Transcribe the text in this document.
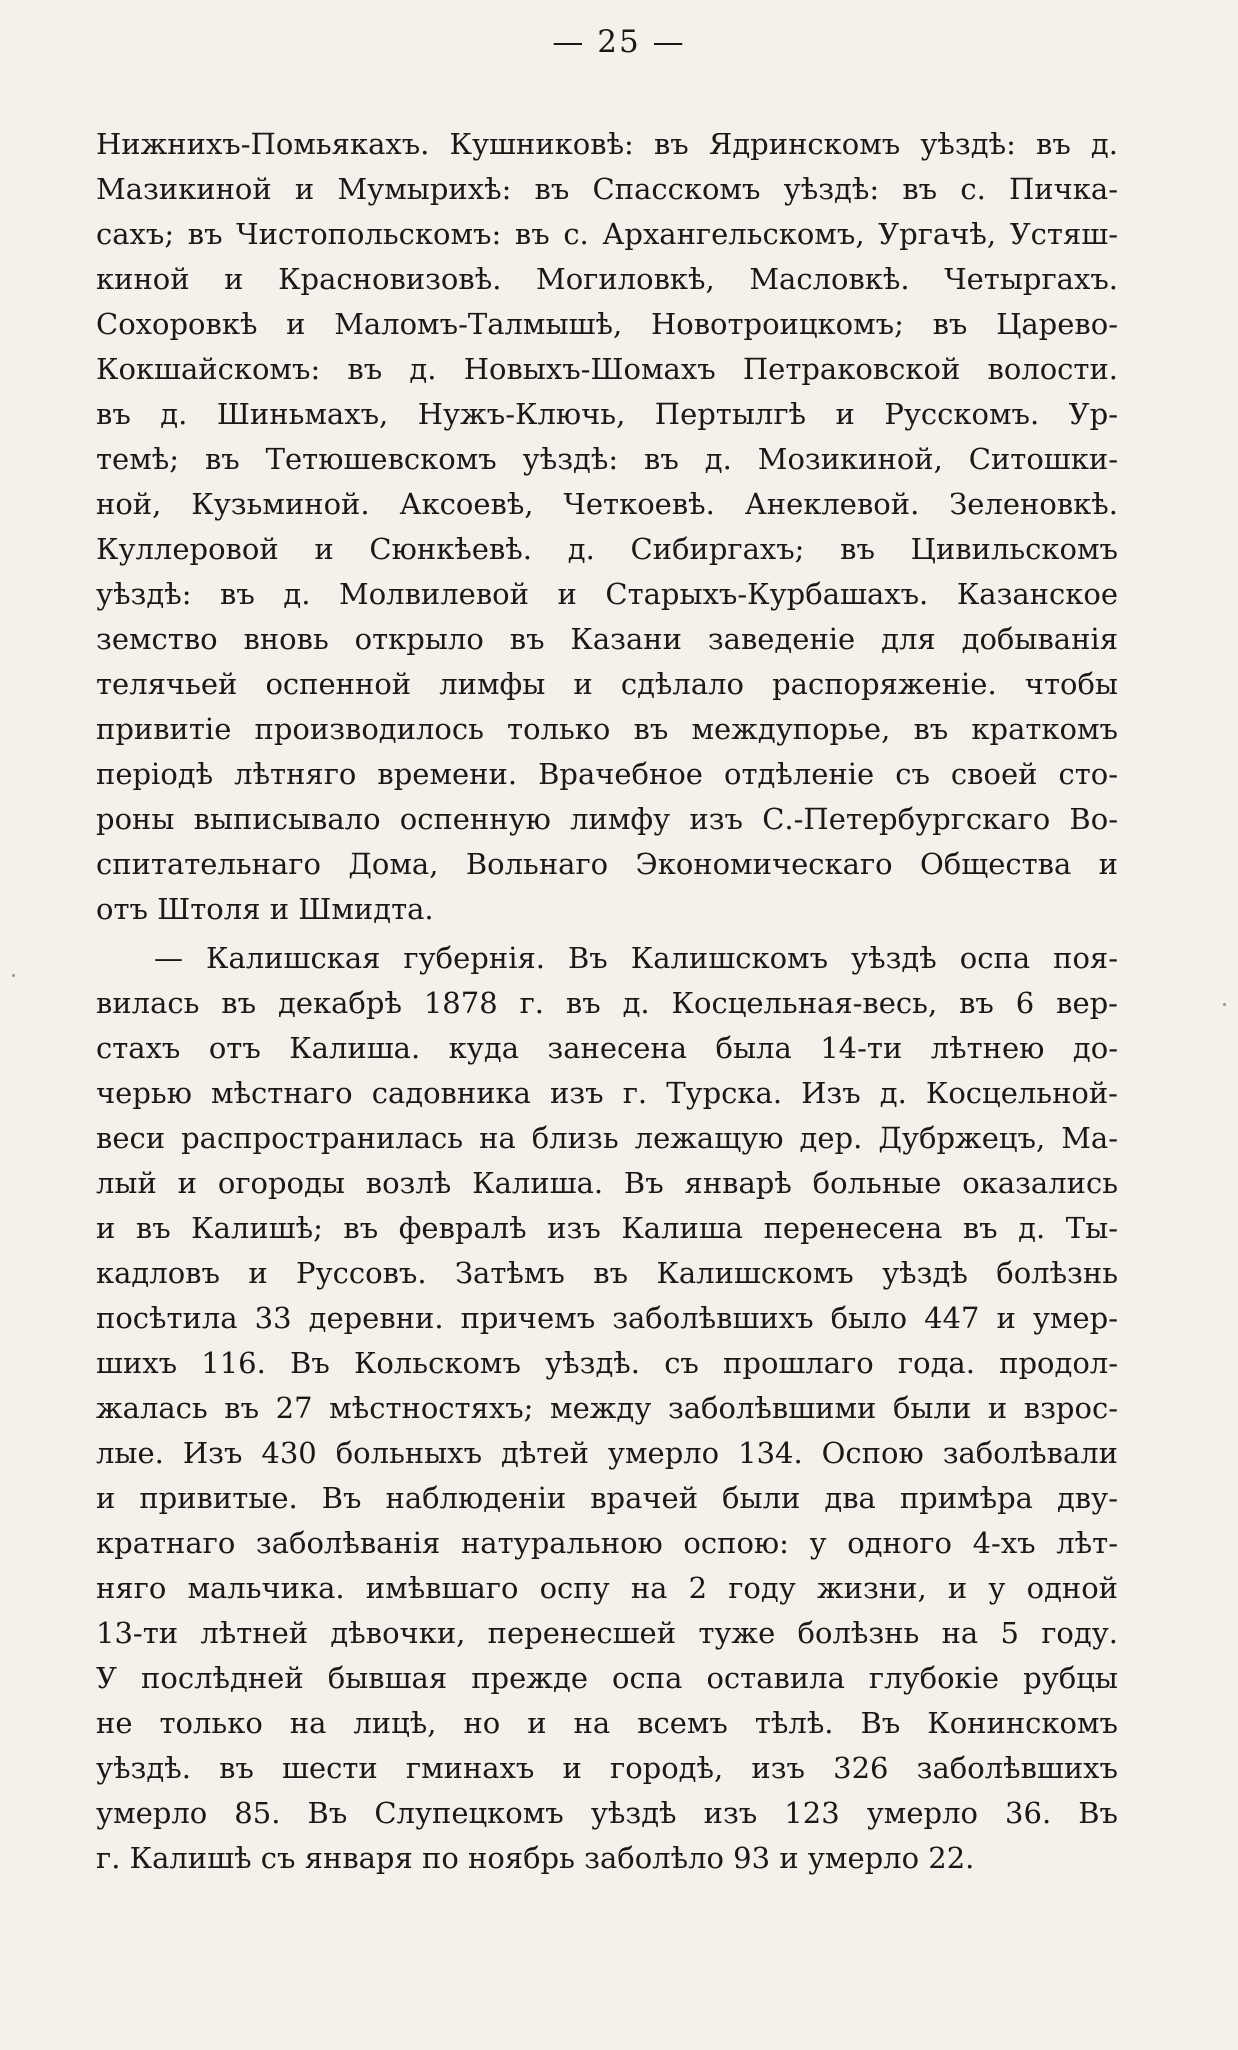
— 25 —
Нижнихъ-Помьякахъ. Кушниковѣ: въ Ядринскомъ уѣздѣ: въ д.
Мазикиной и Мумырихѣ: въ Спасскомъ уѣздѣ: въ с. Пичка-
сахъ; въ Чистопольскомъ: въ с. Архангельскомъ, Ургачѣ, Устяш-
киной и Красновизовѣ. Могиловкѣ, Масловкѣ. Четыргахъ.
Сохоровкѣ и Маломъ-Талмышѣ, Новотроицкомъ; въ Царево-
Кокшайскомъ: въ д. Новыхъ-Шомахъ Петраковской волости.
въ д. Шиньмахъ, Нужъ-Ключь, Пертылгѣ и Русскомъ. Ур-
темѣ; въ Тетюшевскомъ уѣздѣ: въ д. Мозикиной, Ситошки-
ной, Кузьминой. Аксоевѣ, Четкоевѣ. Анеклевой. Зеленовкѣ.
Куллеровой и Сюнкѣевѣ. д. Сибиргахъ; въ Цивильскомъ
уѣздѣ: въ д. Молвилевой и Старыхъ-Курбашахъ. Казанское
земство вновь открыло въ Казани заведеніе для добыванія
телячьей оспенной лимфы и сдѣлало распоряженіе. чтобы
привитіе производилось только въ междупорье, въ краткомъ
періодѣ лѣтняго времени. Врачебное отдѣленіе съ своей сто-
роны выписывало оспенную лимфу изъ С.-Петербургскаго Во-
спитательнаго Дома, Вольнаго Экономическаго Общества и
отъ Штоля и Шмидта.
— Калишская губернія. Въ Калишскомъ уѣздѣ оспа поя-
вилась въ декабрѣ 1878 г. въ д. Косцельная-весь, въ 6 вер-
стахъ отъ Калиша. куда занесена была 14-ти лѣтнею до-
черью мѣстнаго садовника изъ г. Турска. Изъ д. Косцельной-
веси распространилась на близь лежащую дер. Дубржецъ, Ма-
лый и огороды возлѣ Калиша. Въ январѣ больные оказались
и въ Калишѣ; въ февралѣ изъ Калиша перенесена въ д. Ты-
кадловъ и Руссовъ. Затѣмъ въ Калишскомъ уѣздѣ болѣзнь
посѣтила 33 деревни. причемъ заболѣвшихъ было 447 и умер-
шихъ 116. Въ Кольскомъ уѣздѣ. съ прошлаго года. продол-
жалась въ 27 мѣстностяхъ; между заболѣвшими были и взрос-
лые. Изъ 430 больныхъ дѣтей умерло 134. Оспою заболѣвали
и привитые. Въ наблюденіи врачей были два примѣра дву-
кратнаго заболѣванія натуральною оспою: у одного 4-хъ лѣт-
няго мальчика. имѣвшаго оспу на 2 году жизни, и у одной
13-ти лѣтней дѣвочки, перенесшей туже болѣзнь на 5 году.
У послѣдней бывшая прежде оспа оставила глубокіе рубцы
не только на лицѣ, но и на всемъ тѣлѣ. Въ Конинскомъ
уѣздѣ. въ шести гминахъ и городѣ, изъ 326 заболѣвшихъ
умерло 85. Въ Слупецкомъ уѣздѣ изъ 123 умерло 36. Въ
г. Калишѣ съ января по ноябрь заболѣло 93 и умерло 22.
